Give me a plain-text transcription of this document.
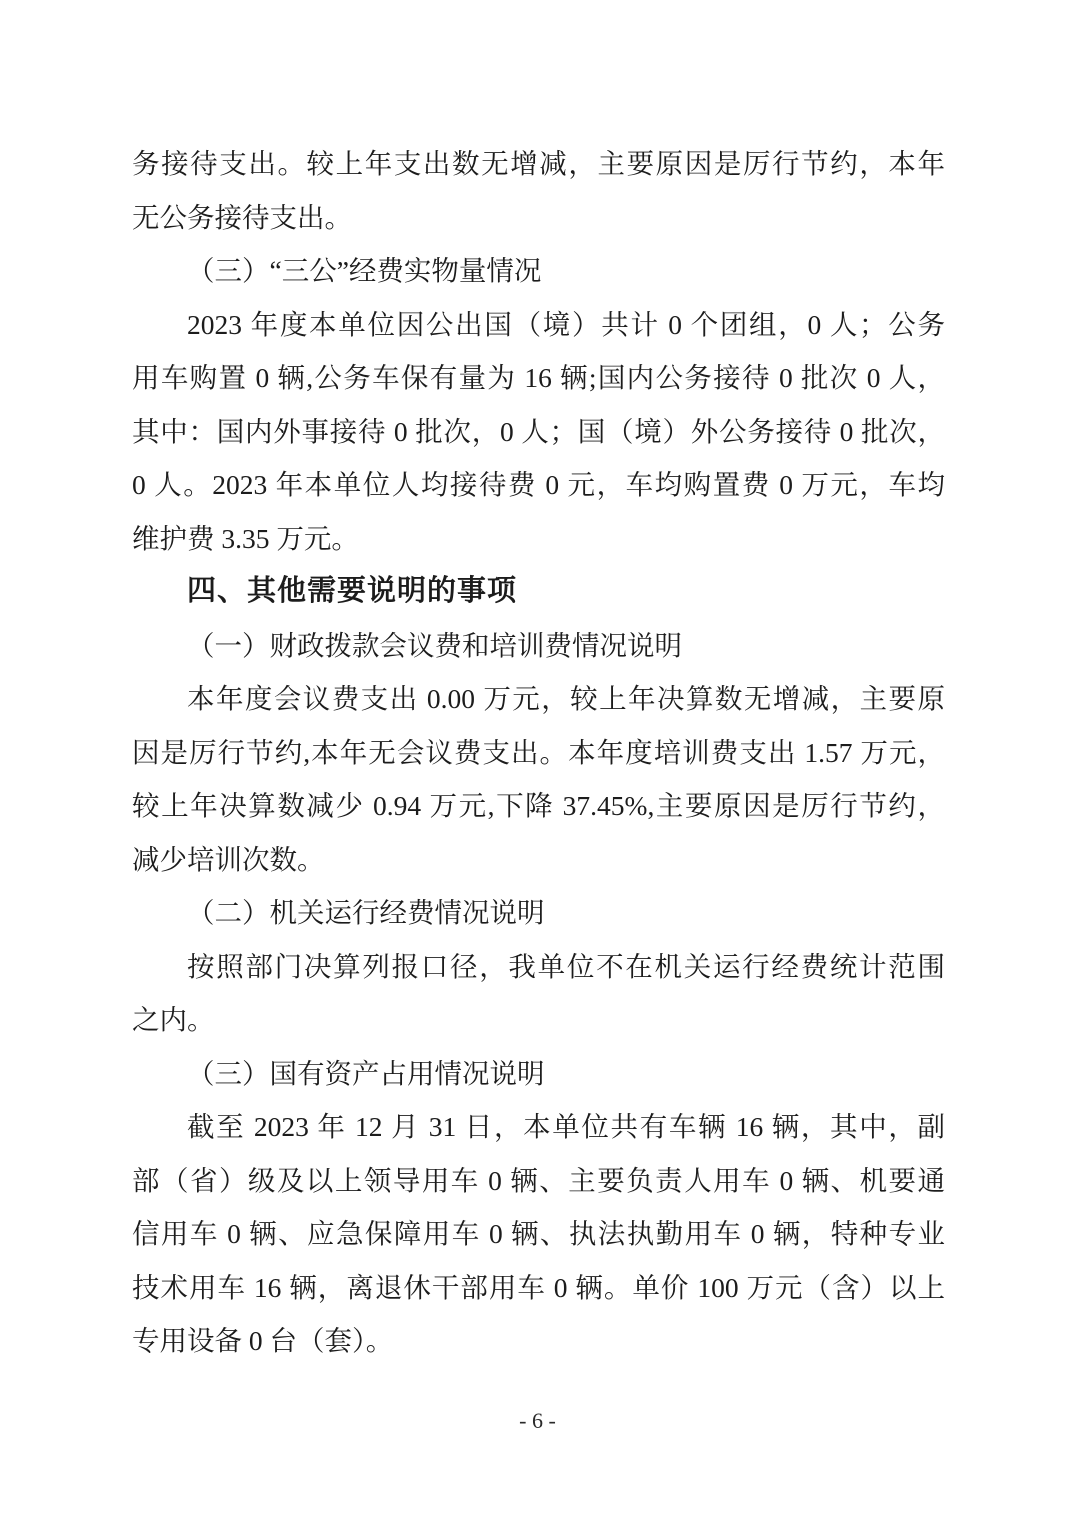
务接待支出。较上年支出数无增减，主要原因是厉行节约，本年
无公务接待支出。
（三）“三公”经费实物量情况
2023 年度本单位因公出国（境）共计 0 个团组，0 人；公务
用车购置 0 辆,公务车保有量为 16 辆;国内公务接待 0 批次 0 人，
其中：国内外事接待 0 批次，0 人；国（境）外公务接待 0 批次，
0 人。2023 年本单位人均接待费 0 元，车均购置费 0 万元，车均
维护费 3.35 万元。
四、其他需要说明的事项
（一）财政拨款会议费和培训费情况说明
本年度会议费支出 0.00 万元，较上年决算数无增减，主要原
因是厉行节约,本年无会议费支出。本年度培训费支出 1.57 万元，
较上年决算数减少 0.94 万元,下降 37.45%,主要原因是厉行节约，
减少培训次数。
（二）机关运行经费情况说明
按照部门决算列报口径，我单位不在机关运行经费统计范围
之内。
（三）国有资产占用情况说明
截至 2023 年 12 月 31 日，本单位共有车辆 16 辆，其中，副
部（省）级及以上领导用车 0 辆、主要负责人用车 0 辆、机要通
信用车 0 辆、应急保障用车 0 辆、执法执勤用车 0 辆，特种专业
技术用车 16 辆，离退休干部用车 0 辆。单价 100 万元（含）以上
专用设备 0 台（套）。
- 6 -
